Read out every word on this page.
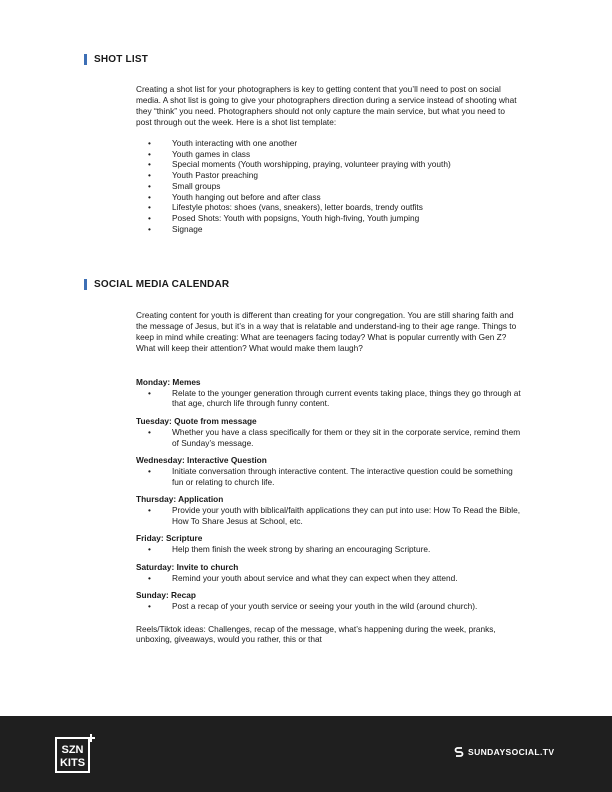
SHOT LIST

Creating a shot list for your photographers is key to getting content that you’ll need to post on social media. A shot list is going to give your photographers direction during a service instead of shooting what they “think” you need. Photographers should not only capture the main service, but what you need to post through out the week. Here is a shot list template:

•	Youth interacting with one another
•	Youth games in class
•	Special moments (Youth worshipping, praying, volunteer praying with youth)
•	Youth Pastor preaching
•	Small groups
•	Youth hanging out before and after class
•	Lifestyle photos: shoes (vans, sneakers), letter boards, trendy outfits
•	Posed Shots: Youth with popsigns, Youth high-fiving, Youth jumping
•	Signage
SOCIAL MEDIA CALENDAR

Creating content for youth is different than creating for your congregation. You are still sharing faith and the message of Jesus, but it’s in a way that is relatable and understand-ing to their age range. Things to keep in mind while creating: What are teenagers facing today? What is popular currently with Gen Z? What will keep their attention? What would make them laugh?

Monday: Memes
•	Relate to the younger generation through current events taking place, things they go through at that age, church life through funny content.
Tuesday: Quote from message
•	Whether you have a class specifically for them or they sit in the corporate service, remind them of Sunday’s message.
Wednesday: Interactive Question
•	Initiate conversation through interactive content. The interactive question could be something fun or relating to church life.
Thursday: Application
•	Provide your youth with biblical/faith applications they can put into use: How To Read the Bible, How To Share Jesus at School, etc.
Friday: Scripture
•	Help them finish the week strong by sharing an encouraging Scripture.
Saturday: Invite to church
•	Remind your youth about service and what they can expect when they attend.
Sunday: Recap
•	Post a recap of your youth service or seeing your youth in the wild (around church).
Reels/Tiktok ideas: Challenges, recap of the message, what’s happening during the week, pranks, unboxing, giveaways, would you rather, this or that
SZN
KITS
SUNDAYSOCIAL.TV
